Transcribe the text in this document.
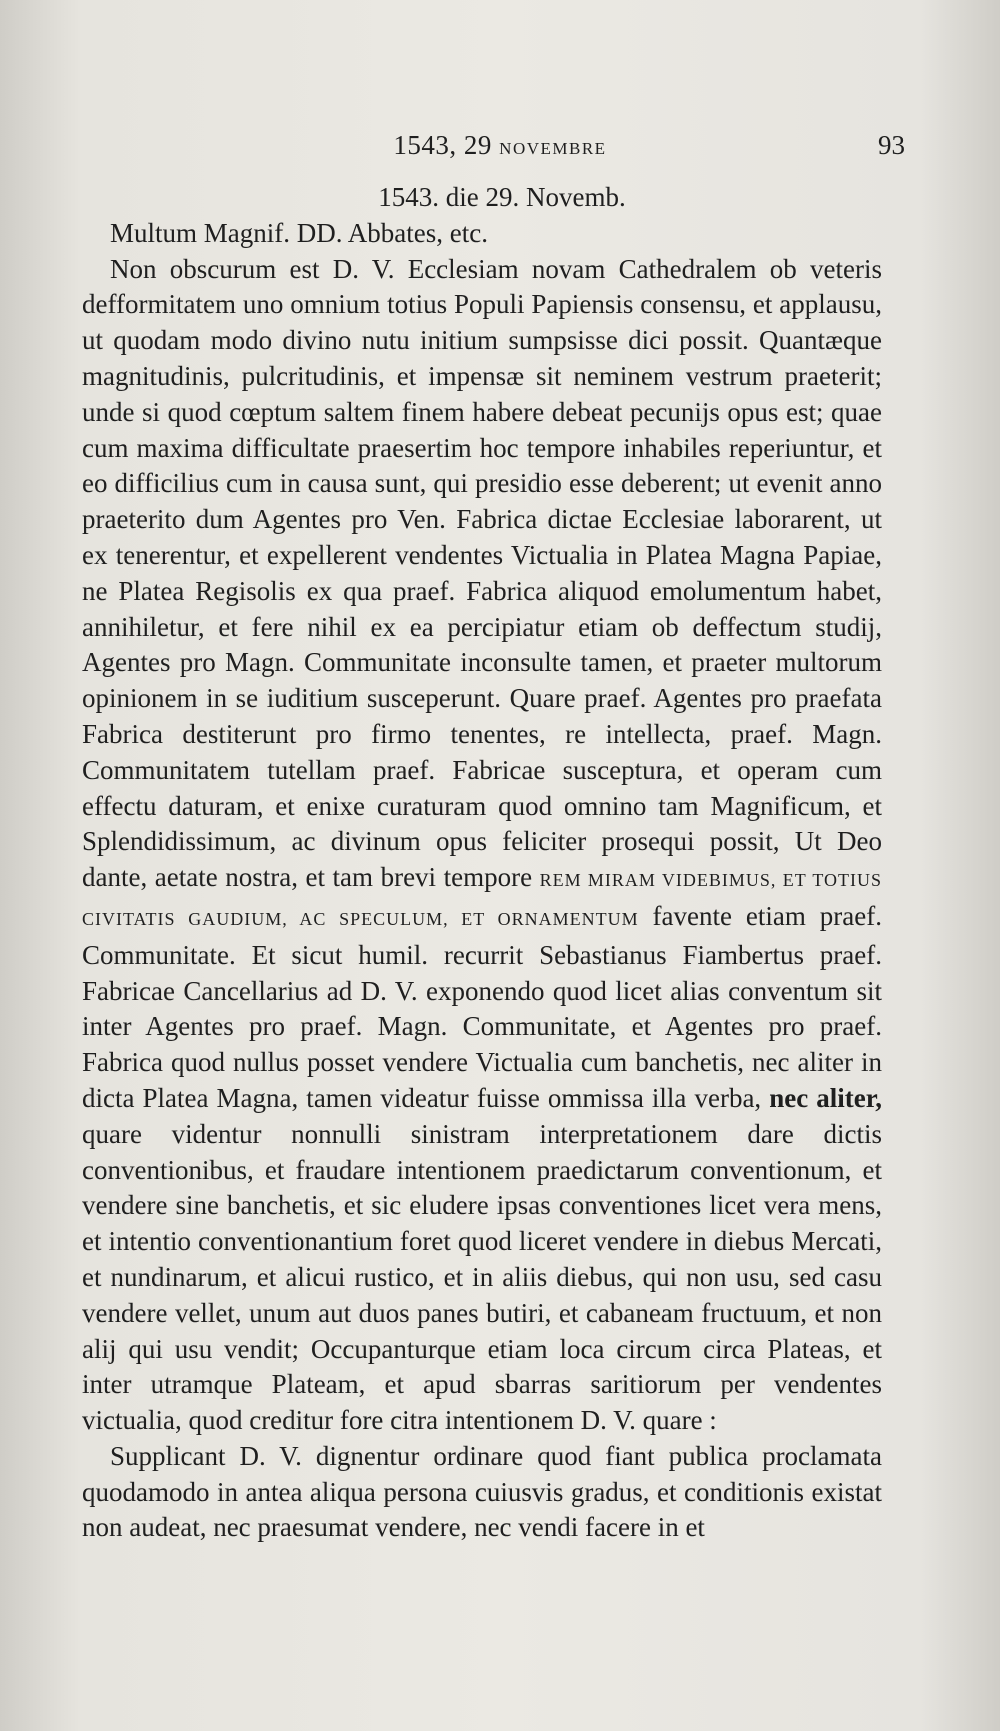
1543, 29 NOVEMBRE	93

1543. die 29. Novemb.

Multum Magnif. DD. Abbates, etc.

Non obscurum est D. V. Ecclesiam novam Cathedralem ob veteris defformitatem uno omnium totius Populi Papiensis consensu, et applausu, ut quodam modo divino nutu initium sumpsisse dici possit. Quantæque magnitudinis, pulcritudinis, et impensæ sit neminem vestrum praeterit; unde si quod cœptum saltem finem habere debeat pecunijs opus est; quae cum maxima difficultate praesertim hoc tempore inhabiles reperiuntur, et eo difficilius cum in causa sunt, qui presidio esse deberent; ut evenit anno praeterito dum Agentes pro Ven. Fabrica dictae Ecclesiae laborarent, ut ex tenerentur, et expellerent vendentes Victualia in Platea Magna Papiae, ne Platea Regisolis ex qua praef. Fabrica aliquod emolumentum habet, annihiletur, et fere nihil ex ea percipiatur etiam ob deffectum studij, Agentes pro Magn. Communitate inconsulte tamen, et praeter multorum opinionem in se iuditium susceperunt. Quare praef. Agentes pro praefata Fabrica destiterunt pro firmo tenentes, re intellecta, praef. Magn. Communitatem tutellam praef. Fabricae susceptura, et operam cum effectu daturam, et enixe curaturam quod omnino tam Magnificum, et Splendidissimum, ac divinum opus feliciter prosequi possit, Ut Deo dante, aetate nostra, et tam brevi tempore REM MIRAM VIDEBIMUS, ET TOTIUS CIVITATIS GAUDIUM, AC SPECULUM, ET ORNAMENTUM favente etiam praef. Communitate. Et sicut humil. recurrit Sebastianus Fiambertus praef. Fabricae Cancellarius ad D. V. exponendo quod licet alias conventum sit inter Agentes pro praef. Magn. Communitate, et Agentes pro praef. Fabrica quod nullus posset vendere Victualia cum banchetis, nec aliter in dicta Platea Magna, tamen videatur fuisse ommissa illa verba, nec aliter, quare videntur nonnulli sinistram interpretationem dare dictis conventionibus, et fraudare intentionem praedictarum conventionum, et vendere sine banchetis, et sic eludere ipsas conventiones licet vera mens, et intentio conventionantium foret quod liceret vendere in diebus Mercati, et nundinarum, et alicui rustico, et in aliis diebus, qui non usu, sed casu vendere vellet, unum aut duos panes butiri, et cabaneam fructuum, et non alij qui usu vendit; Occupanturque etiam loca circum circa Plateas, et inter utramque Plateam, et apud sbarras saritiorum per vendentes victualia, quod creditur fore citra intentionem D. V. quare :

Supplicant D. V. dignentur ordinare quod fiant publica proclamata quodamodo in antea aliqua persona cuiusvis gradus, et conditionis existat non audeat, nec praesumat vendere, nec vendi facere in et
